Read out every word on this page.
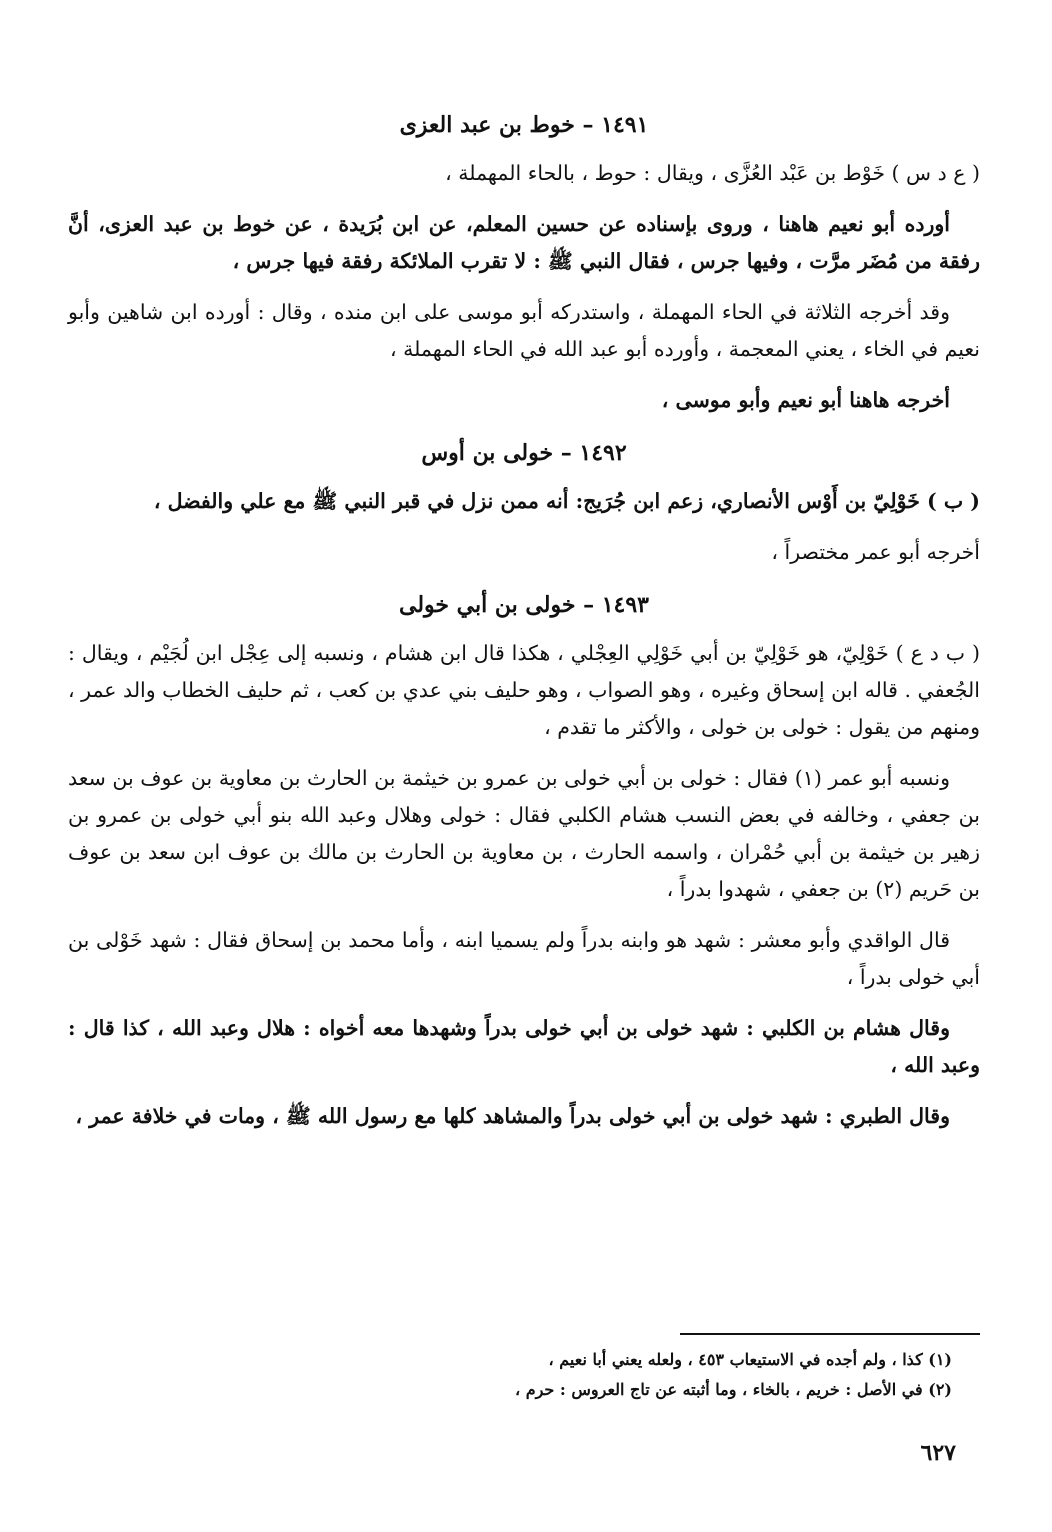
١٤٩١ – خوط بن عبد العزى

( ع د س ) خَوْط بن عَبْد العُزَّى ، ويقال : حوط ، بالحاء المهملة ،

أورده أبو نعيم هاهنا ، وروى بإسناده عن حسين المعلم، عن ابن بُرَيدة ، عن خوط بن عبد العزى، أنَّ رفقة من مُضَر مرَّت ، وفيها جرس ، فقال النبي ﷺ : لا تقرب الملائكة رفقة فيها جرس ،

وقد أخرجه الثلاثة في الحاء المهملة ، واستدركه أبو موسى على ابن منده ، وقال : أورده ابن شاهين وأبو نعيم في الخاء ، يعني المعجمة ، وأورده أبو عبد الله في الحاء المهملة ،

أخرجه هاهنا أبو نعيم وأبو موسى ،

١٤٩٢ – خولى بن أوس

( ب ) خَوْلِيّ بن أَوْس الأنصاري، زعم ابن جُرَيج: أنه ممن نزل في قبر النبي ﷺ مع علي والفضل ،

أخرجه أبو عمر مختصراً ،

١٤٩٣ – خولى بن أبي خولى

( ب د ع ) خَوْلِيّ، هو خَوْلِيّ بن أبي خَوْلِي العِجْلي ، هكذا قال ابن هشام ، ونسبه إلى عِجْل ابن لُجَيْم ، ويقال : الجُعفي . قاله ابن إسحاق وغيره ، وهو الصواب ، وهو حليف بني عدي بن كعب ، ثم حليف الخطاب والد عمر ، ومنهم من يقول : خولى بن خولى ، والأكثر ما تقدم ،

ونسبه أبو عمر (١) فقال : خولى بن أبي خولى بن عمرو بن خيثمة بن الحارث بن معاوية بن عوف بن سعد بن جعفي ، وخالفه في بعض النسب هشام الكلبي فقال : خولى وهلال وعبد الله بنو أبي خولى بن عمرو بن زهير بن خيثمة بن أبي حُمْران ، واسمه الحارث ، بن معاوية بن الحارث بن مالك بن عوف ابن سعد بن عوف بن حَريم (٢) بن جعفي ، شهدوا بدراً ،

قال الواقدي وأبو معشر : شهد هو وابنه بدراً ولم يسميا ابنه ، وأما محمد بن إسحاق فقال : شهد خَوْلى بن أبي خولى بدراً ،

وقال هشام بن الكلبي : شهد خولى بن أبي خولى بدراً وشهدها معه أخواه : هلال وعبد الله ، كذا قال : وعبد الله ،

وقال الطبري : شهد خولى بن أبي خولى بدراً والمشاهد كلها مع رسول الله ﷺ ، ومات في خلافة عمر ،

(١) كذا ، ولم أجده في الاستيعاب ٤٥٣ ، ولعله يعني أبا نعيم ،

(٢) في الأصل : خريم ، بالخاء ، وما أثبته عن تاج العروس : حرم ،

٦٢٧
